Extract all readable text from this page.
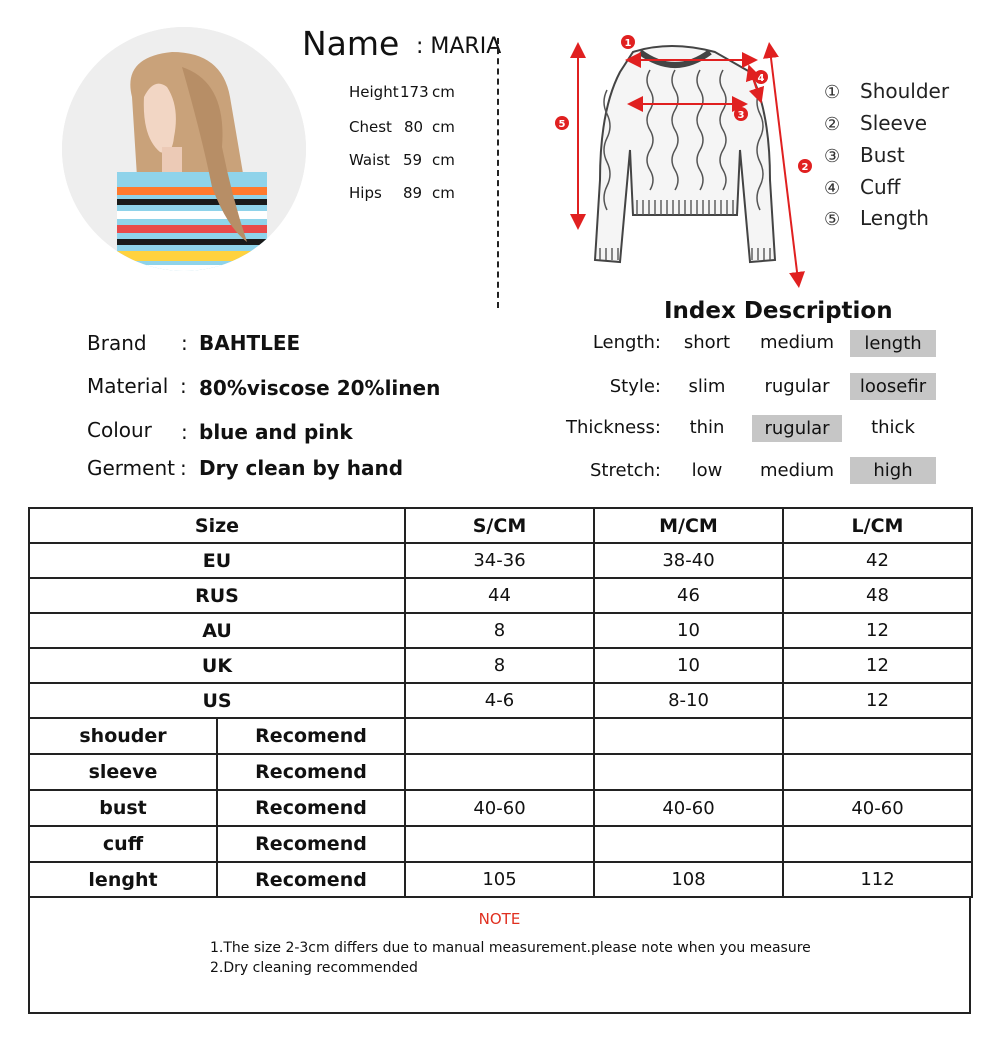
Name : MARIA
Height 173 cm
Chest 80 cm
Waist 59 cm
Hips 89 cm
1
2
3
4
5
① Shoulder
② Sleeve
③ Bust
④ Cuff
⑤ Length
Index Description
Length:	short	medium	length
Style:	slim	rugular	loosefir
Thickness:	thin	rugular	thick
Stretch:	low	medium	high
Brand : BAHTLEE
Material : 80%viscose 20%linen
Colour : blue and pink
Germent : Dry clean by hand
Size		S/CM	M/CM	L/CM
EU		34-36	38-40	42
RUS		44	46	48
AU		8	10	12
UK		8	10	12
US		4-6	8-10	12
shouder	Recomend			
sleeve	Recomend			
bust	Recomend	40-60	40-60	40-60
cuff	Recomend			
lenght	Recomend	105	108	112
NOTE
1.The size 2-3cm differs due to manual measurement.please note when you measure
2.Dry cleaning recommended
